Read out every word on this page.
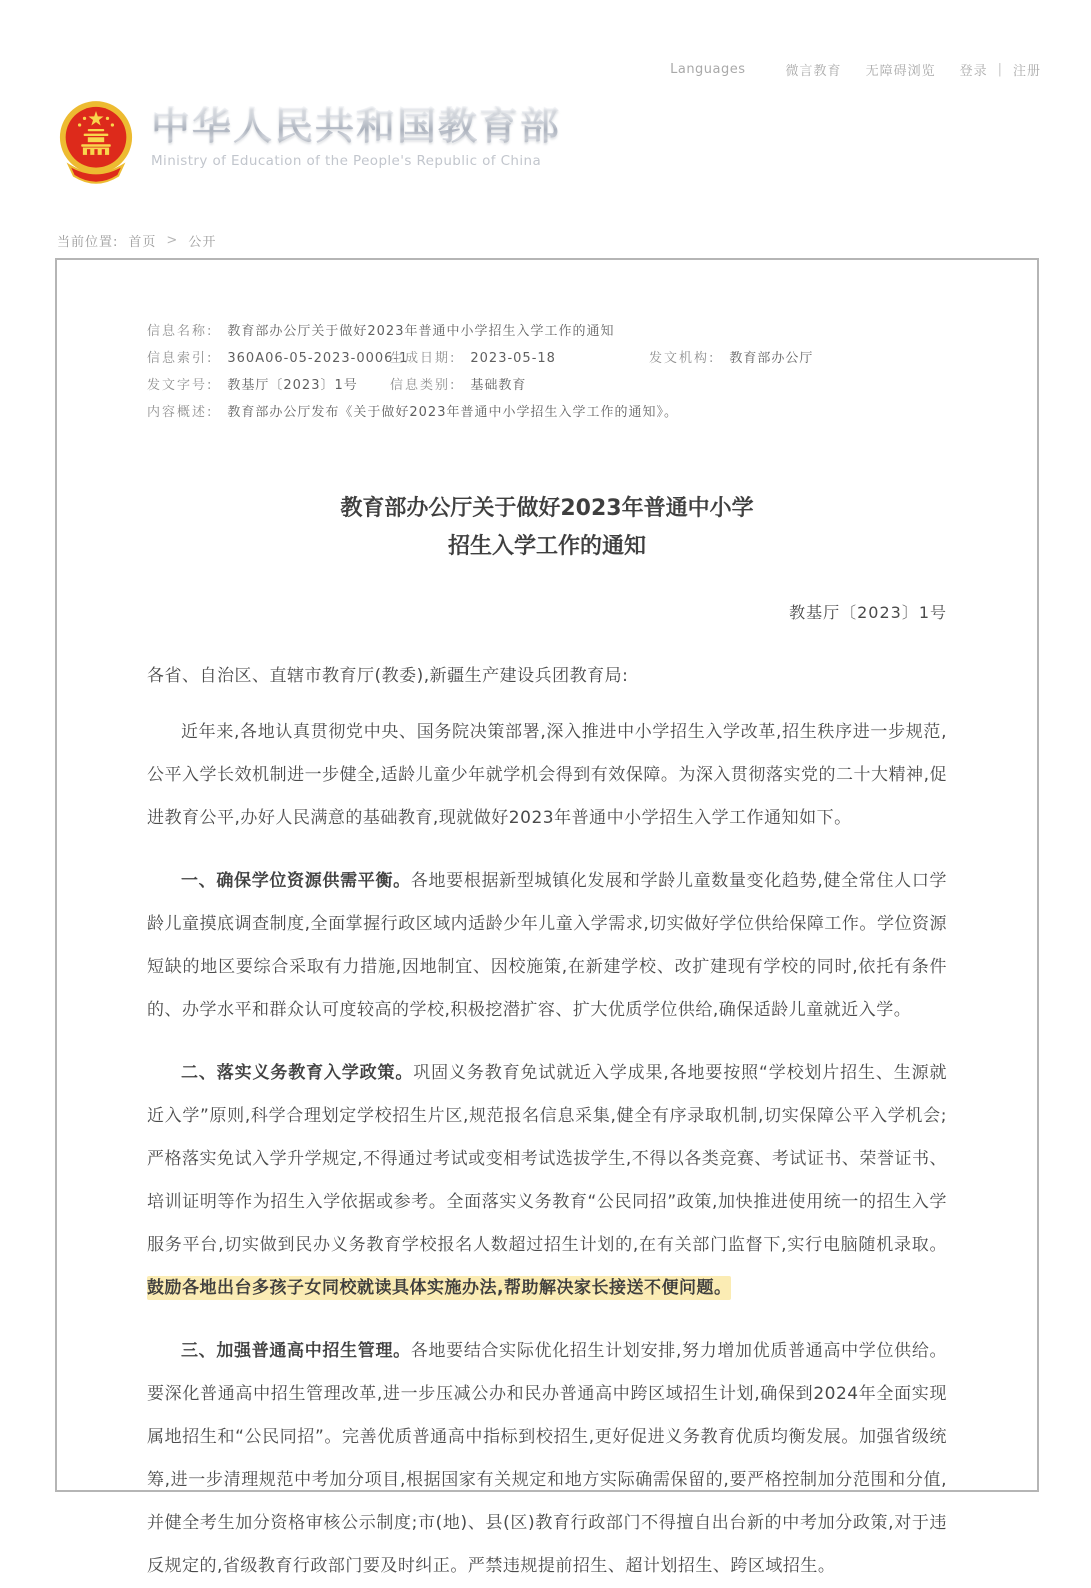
Languages	微言教育 无障碍浏览 登录 | 注册
中华人民共和国教育部
Ministry of Education of the People's Republic of China
当前位置: 首页 > 公开
信息名称: 教育部办公厅关于做好2023年普通中小学招生入学工作的通知
信息索引: 360A06-05-2023-0006-1
生成日期: 2023-05-18	发文机构: 教育部办公厅
发文字号: 教基厅〔2023〕1号 信息类别: 基础教育
内容概述: 教育部办公厅发布《关于做好2023年普通中小学招生入学工作的通知》。
教育部办公厅关于做好2023年普通中小学
招生入学工作的通知
教基厅〔2023〕1号

各省、自治区、直辖市教育厅(教委),新疆生产建设兵团教育局:

近年来,各地认真贯彻党中央、国务院决策部署,深入推进中小学招生入学改革,招生秩序进一步规范,公平入学长效机制进一步健全,适龄儿童少年就学机会得到有效保障。为深入贯彻落实党的二十大精神,促进教育公平,办好人民满意的基础教育,现就做好2023年普通中小学招生入学工作通知如下。

一、确保学位资源供需平衡。各地要根据新型城镇化发展和学龄儿童数量变化趋势,健全常住人口学龄儿童摸底调查制度,全面掌握行政区域内适龄少年儿童入学需求,切实做好学位供给保障工作。学位资源短缺的地区要综合采取有力措施,因地制宜、因校施策,在新建学校、改扩建现有学校的同时,依托有条件的、办学水平和群众认可度较高的学校,积极挖潜扩容、扩大优质学位供给,确保适龄儿童就近入学。

二、落实义务教育入学政策。巩固义务教育免试就近入学成果,各地要按照“学校划片招生、生源就近入学”原则,科学合理划定学校招生片区,规范报名信息采集,健全有序录取机制,切实保障公平入学机会;严格落实免试入学升学规定,不得通过考试或变相考试选拔学生,不得以各类竞赛、考试证书、荣誉证书、培训证明等作为招生入学依据或参考。全面落实义务教育“公民同招”政策,加快推进使用统一的招生入学服务平台,切实做到民办义务教育学校报名人数超过招生计划的,在有关部门监督下,实行电脑随机录取。鼓励各地出台多孩子女同校就读具体实施办法,帮助解决家长接送不便问题。

三、加强普通高中招生管理。各地要结合实际优化招生计划安排,努力增加优质普通高中学位供给。要深化普通高中招生管理改革,进一步压减公办和民办普通高中跨区域招生计划,确保到2024年全面实现属地招生和“公民同招”。完善优质普通高中指标到校招生,更好促进义务教育优质均衡发展。加强省级统筹,进一步清理规范中考加分项目,根据国家有关规定和地方实际确需保留的,要严格控制加分范围和分值,并健全考生加分资格审核公示制度;市(地)、县(区)教育行政部门不得擅自出台新的中考加分政策,对于违反规定的,省级教育行政部门要及时纠正。严禁违规提前招生、超计划招生、跨区域招生。
